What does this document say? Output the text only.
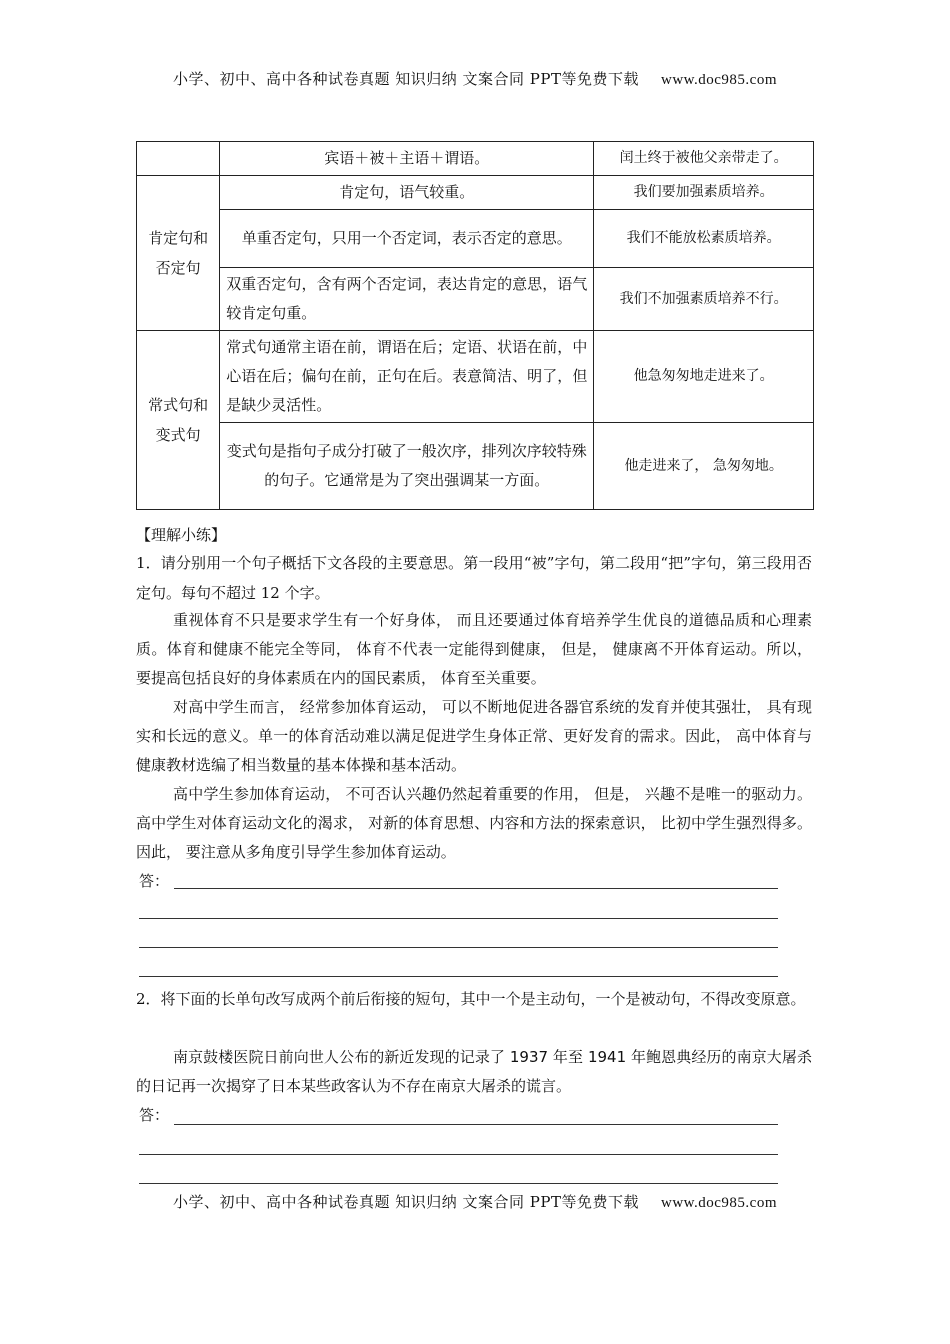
小学、初中、高中各种试卷真题 知识归纳 文案合同 PPT等免费下载 www.doc985.com
	宾语＋被＋主语＋谓语。	闰土终于被他父亲带走了。
肯定句和否定句	肯定句，语气较重。	我们要加强素质培养。
	单重否定句，只用一个否定词，表示否定的意思。	我们不能放松素质培养。
	双重否定句，含有两个否定词，表达肯定的意思，语气较肯定句重。	我们不加强素质培养不行。
常式句和变式句	常式句通常主语在前，谓语在后；定语、状语在前，中心语在后；偏句在前，正句在后。表意简洁、明了，但是缺少灵活性。	他急匆匆地走进来了。
	变式句是指句子成分打破了一般次序，排列次序较特殊的句子。它通常是为了突出强调某一方面。	他走进来了， 急匆匆地。
【理解小练】
1．请分别用一个句子概括下文各段的主要意思。第一段用“被”字句，第二段用“把”字句，第三段用否定句。每句不超过 12 个字。
重视体育不只是要求学生有一个好身体， 而且还要通过体育培养学生优良的道德品质和心理素质。体育和健康不能完全等同， 体育不代表一定能得到健康， 但是， 健康离不开体育运动。所以， 要提高包括良好的身体素质在内的国民素质， 体育至关重要。
对高中学生而言， 经常参加体育运动， 可以不断地促进各器官系统的发育并使其强壮， 具有现实和长远的意义。单一的体育活动难以满足促进学生身体正常、更好发育的需求。因此， 高中体育与健康教材选编了相当数量的基本体操和基本活动。
高中学生参加体育运动， 不可否认兴趣仍然起着重要的作用， 但是， 兴趣不是唯一的驱动力。高中学生对体育运动文化的渴求， 对新的体育思想、内容和方法的探索意识， 比初中学生强烈得多。因此， 要注意从多角度引导学生参加体育运动。
答：
2．将下面的长单句改写成两个前后衔接的短句，其中一个是主动句，一个是被动句，不得改变原意。
南京鼓楼医院日前向世人公布的新近发现的记录了 1937 年至 1941 年鲍恩典经历的南京大屠杀的日记再一次揭穿了日本某些政客认为不存在南京大屠杀的谎言。
答：
小学、初中、高中各种试卷真题 知识归纳 文案合同 PPT等免费下载 www.doc985.com
